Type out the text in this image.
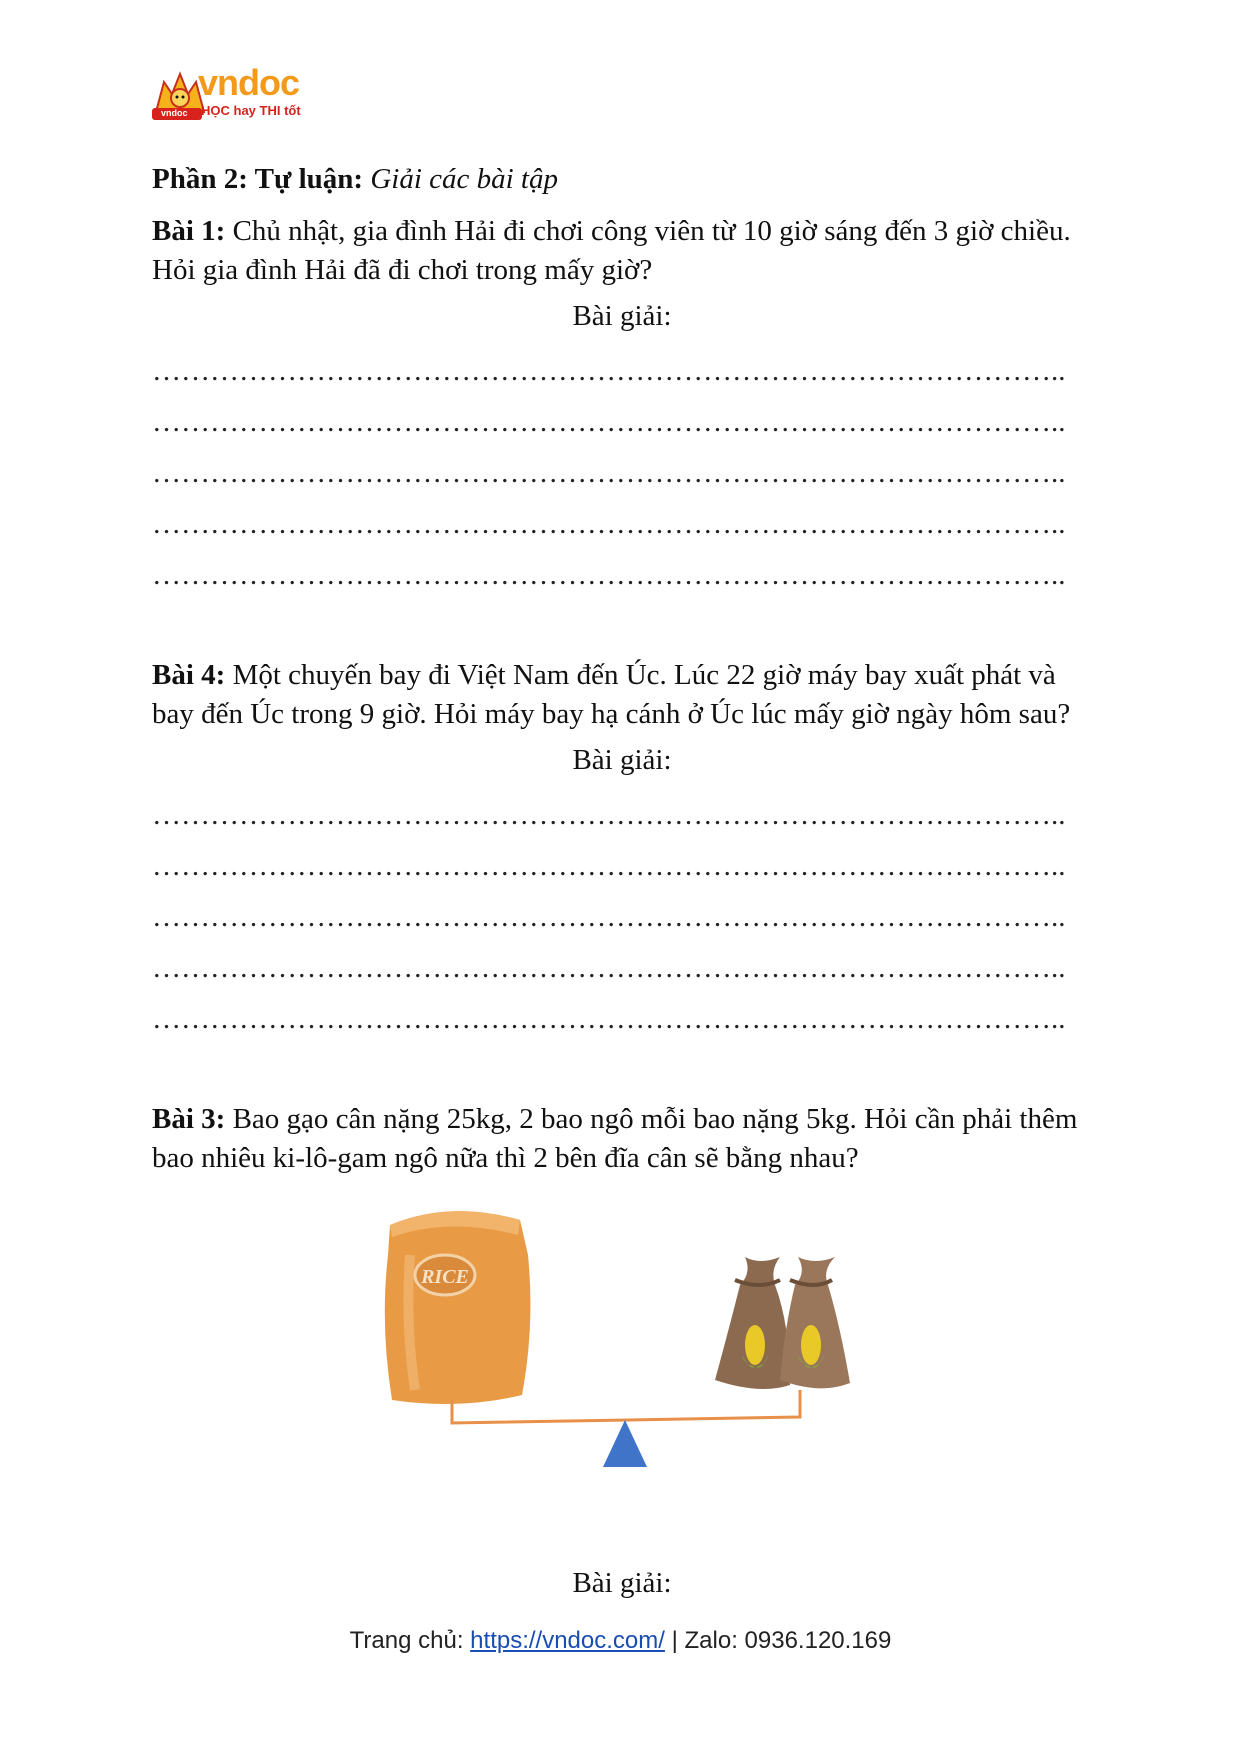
vndoc
vndoc
HỌC hay THI tốt
Phần 2: Tự luận: Giải các bài tập
Bài 1: Chủ nhật, gia đình Hải đi chơi công viên từ 10 giờ sáng đến 3 giờ chiều.
Hỏi gia đình Hải đã đi chơi trong mấy giờ?
Bài giải:
…………………………………………………………………………………..
…………………………………………………………………………………..
…………………………………………………………………………………..
…………………………………………………………………………………..
…………………………………………………………………………………..
Bài 4: Một chuyến bay đi Việt Nam đến Úc. Lúc 22 giờ máy bay xuất phát và
bay đến Úc trong 9 giờ. Hỏi máy bay hạ cánh ở Úc lúc mấy giờ ngày hôm sau?
Bài giải:
…………………………………………………………………………………..
…………………………………………………………………………………..
…………………………………………………………………………………..
…………………………………………………………………………………..
…………………………………………………………………………………..
Bài 3: Bao gạo cân nặng 25kg, 2 bao ngô mỗi bao nặng 5kg. Hỏi cần phải thêm
bao nhiêu ki-lô-gam ngô nữa thì 2 bên đĩa cân sẽ bằng nhau?
RICE
Bài giải:
Trang chủ: https://vndoc.com/ | Zalo: 0936.120.169
